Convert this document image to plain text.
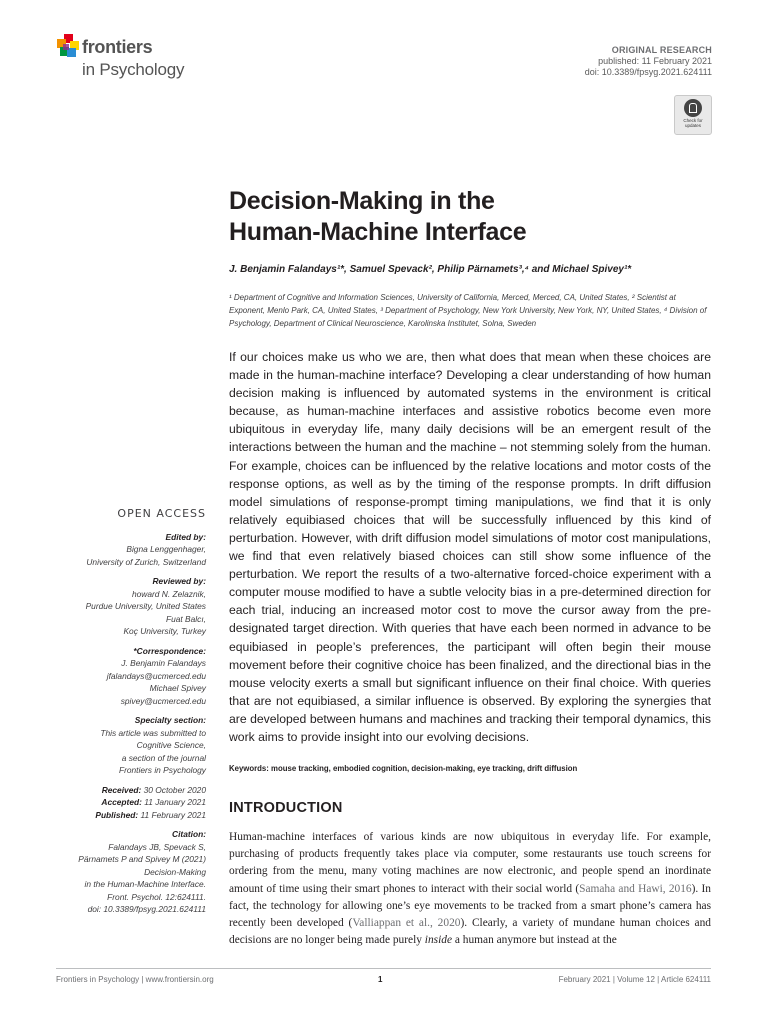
frontiers
in Psychology
ORIGINAL RESEARCH
published: 11 February 2021
doi: 10.3389/fpsyg.2021.624111
Check for
updates
Decision-Making in the
Human-Machine Interface
J. Benjamin Falandays¹*, Samuel Spevack², Philip Pärnamets³,⁴ and Michael Spivey¹*
¹ Department of Cognitive and Information Sciences, University of California, Merced, Merced, CA, United States, ² Scientist at Exponent, Menlo Park, CA, United States, ³ Department of Psychology, New York University, New York, NY, United States, ⁴ Division of Psychology, Department of Clinical Neuroscience, Karolinska Institutet, Solna, Sweden
If our choices make us who we are, then what does that mean when these choices are made in the human-machine interface? Developing a clear understanding of how human decision making is influenced by automated systems in the environment is critical because, as human-machine interfaces and assistive robotics become even more ubiquitous in everyday life, many daily decisions will be an emergent result of the interactions between the human and the machine – not stemming solely from the human. For example, choices can be influenced by the relative locations and motor costs of the response options, as well as by the timing of the response prompts. In drift diffusion model simulations of response-prompt timing manipulations, we find that it is only relatively equibiased choices that will be successfully influenced by this kind of perturbation. However, with drift diffusion model simulations of motor cost manipulations, we find that even relatively biased choices can still show some influence of the perturbation. We report the results of a two-alternative forced-choice experiment with a computer mouse modified to have a subtle velocity bias in a pre-determined direction for each trial, inducing an increased motor cost to move the cursor away from the pre-designated target direction. With queries that have each been normed in advance to be equibiased in people’s preferences, the participant will often begin their mouse movement before their cognitive choice has been finalized, and the directional bias in the mouse velocity exerts a small but significant influence on their final choice. With queries that are not equibiased, a similar influence is observed. By exploring the synergies that are developed between humans and machines and tracking their temporal dynamics, this work aims to provide insight into our evolving decisions.
Keywords: mouse tracking, embodied cognition, decision-making, eye tracking, drift diffusion
OPEN ACCESS
Edited by:
Bigna Lenggenhager,
University of Zurich, Switzerland
Reviewed by:
howard N. Zelaznik,
Purdue University, United States
Fuat Balcı,
Koç University, Turkey
*Correspondence:
J. Benjamin Falandays
jfalandays@ucmerced.edu
Michael Spivey
spivey@ucmerced.edu
Specialty section:
This article was submitted to
Cognitive Science,
a section of the journal
Frontiers in Psychology
Received: 30 October 2020
Accepted: 11 January 2021
Published: 11 February 2021
Citation:
Falandays JB, Spevack S,
Pärnamets P and Spivey M (2021)
Decision-Making
in the Human-Machine Interface.
Front. Psychol. 12:624111.
doi: 10.3389/fpsyg.2021.624111
INTRODUCTION
Human-machine interfaces of various kinds are now ubiquitous in everyday life. For example, purchasing of products frequently takes place via computer, some restaurants use touch screens for ordering from the menu, many voting machines are now electronic, and people spend an inordinate amount of time using their smart phones to interact with their social world (Samaha and Hawi, 2016). In fact, the technology for allowing one’s eye movements to be tracked from a smart phone’s camera has recently been developed (Valliappan et al., 2020). Clearly, a variety of mundane human choices and decisions are no longer being made purely inside a human anymore but instead at the
Frontiers in Psychology | www.frontiersin.org	1	February 2021 | Volume 12 | Article 624111
